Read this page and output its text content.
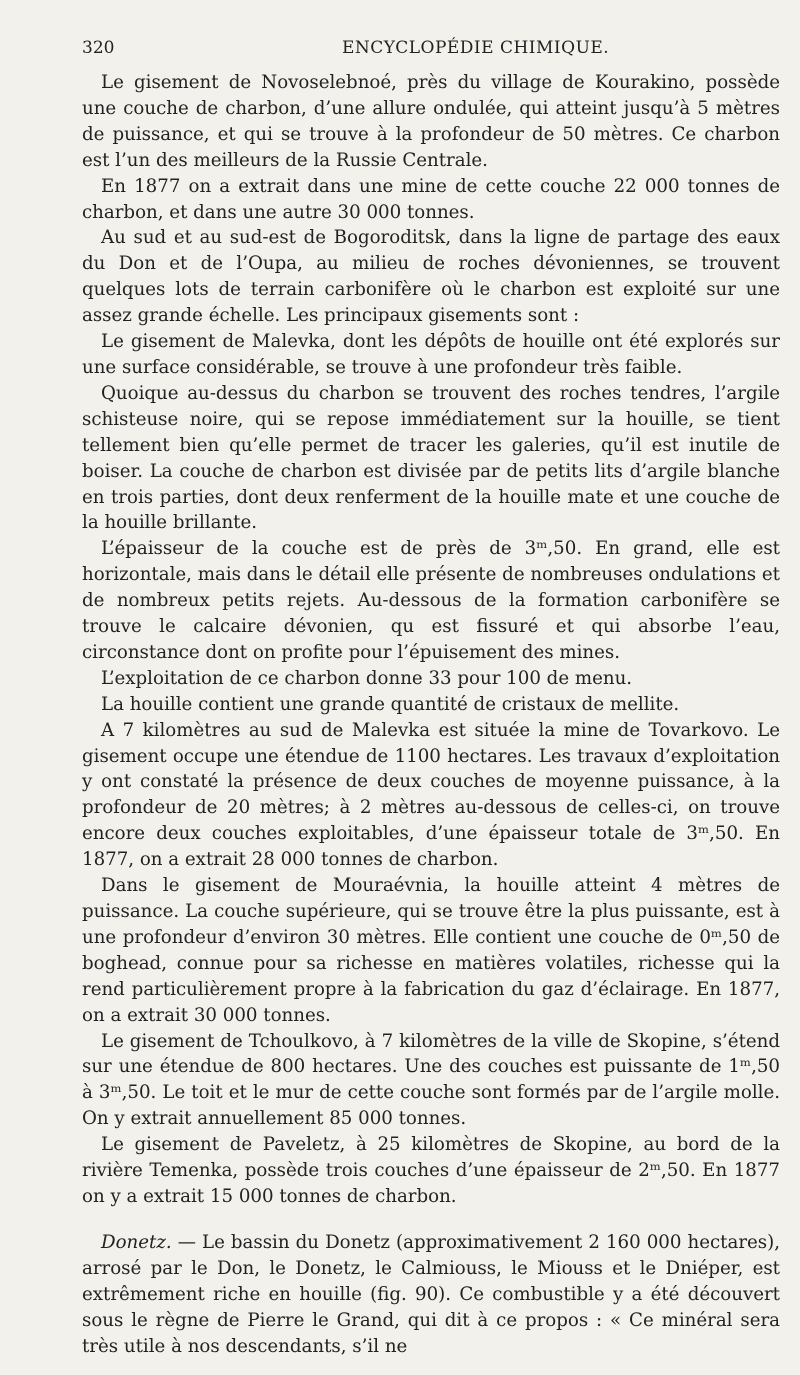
320	ENCYCLOPÉDIE CHIMIQUE.

Le gisement de Novoselebnoé, près du village de Kourakino, possède une couche de charbon, d’une allure ondulée, qui atteint jusqu’à 5 mètres de puissance, et qui se trouve à la profondeur de 50 mètres. Ce charbon est l’un des meilleurs de la Russie Centrale.

En 1877 on a extrait dans une mine de cette couche 22 000 tonnes de charbon, et dans une autre 30 000 tonnes.

Au sud et au sud-est de Bogoroditsk, dans la ligne de partage des eaux du Don et de l’Oupa, au milieu de roches dévoniennes, se trouvent quelques lots de terrain carbonifère où le charbon est exploité sur une assez grande échelle. Les principaux gisements sont :

Le gisement de Malevka, dont les dépôts de houille ont été explorés sur une surface considérable, se trouve à une profondeur très faible.

Quoique au-dessus du charbon se trouvent des roches tendres, l’argile schisteuse noire, qui se repose immédiatement sur la houille, se tient tellement bien qu’elle permet de tracer les galeries, qu’il est inutile de boiser. La couche de charbon est divisée par de petits lits d’argile blanche en trois parties, dont deux renferment de la houille mate et une couche de la houille brillante.

L’épaisseur de la couche est de près de 3ᵐ,50. En grand, elle est horizontale, mais dans le détail elle présente de nombreuses ondulations et de nombreux petits rejets. Au-dessous de la formation carbonifère se trouve le calcaire dévonien, qu est fissuré et qui absorbe l’eau, circonstance dont on profite pour l’épuisement des mines.

L’exploitation de ce charbon donne 33 pour 100 de menu.

La houille contient une grande quantité de cristaux de mellite.

A 7 kilomètres au sud de Malevka est située la mine de Tovarkovo. Le gisement occupe une étendue de 1100 hectares. Les travaux d’exploitation y ont constaté la présence de deux couches de moyenne puissance, à la profondeur de 20 mètres; à 2 mètres au-dessous de celles-ci, on trouve encore deux couches exploitables, d’une épaisseur totale de 3ᵐ,50. En 1877, on a extrait 28 000 tonnes de charbon.

Dans le gisement de Mouraévnia, la houille atteint 4 mètres de puissance. La couche supérieure, qui se trouve être la plus puissante, est à une profondeur d’environ 30 mètres. Elle contient une couche de 0ᵐ,50 de boghead, connue pour sa richesse en matières volatiles, richesse qui la rend particulièrement propre à la fabrication du gaz d’éclairage. En 1877, on a extrait 30 000 tonnes.

Le gisement de Tchoulkovo, à 7 kilomètres de la ville de Skopine, s’étend sur une étendue de 800 hectares. Une des couches est puissante de 1ᵐ,50 à 3ᵐ,50. Le toit et le mur de cette couche sont formés par de l’argile molle. On y extrait annuellement 85 000 tonnes.

Le gisement de Paveletz, à 25 kilomètres de Skopine, au bord de la rivière Temenka, possède trois couches d’une épaisseur de 2ᵐ,50. En 1877 on y a extrait 15 000 tonnes de charbon.

Donetz. — Le bassin du Donetz (approximativement 2 160 000 hectares), arrosé par le Don, le Donetz, le Calmiouss, le Miouss et le Dniéper, est extrêmement riche en houille (fig. 90). Ce combustible y a été découvert sous le règne de Pierre le Grand, qui dit à ce propos : « Ce minéral sera très utile à nos descendants, s’il ne
